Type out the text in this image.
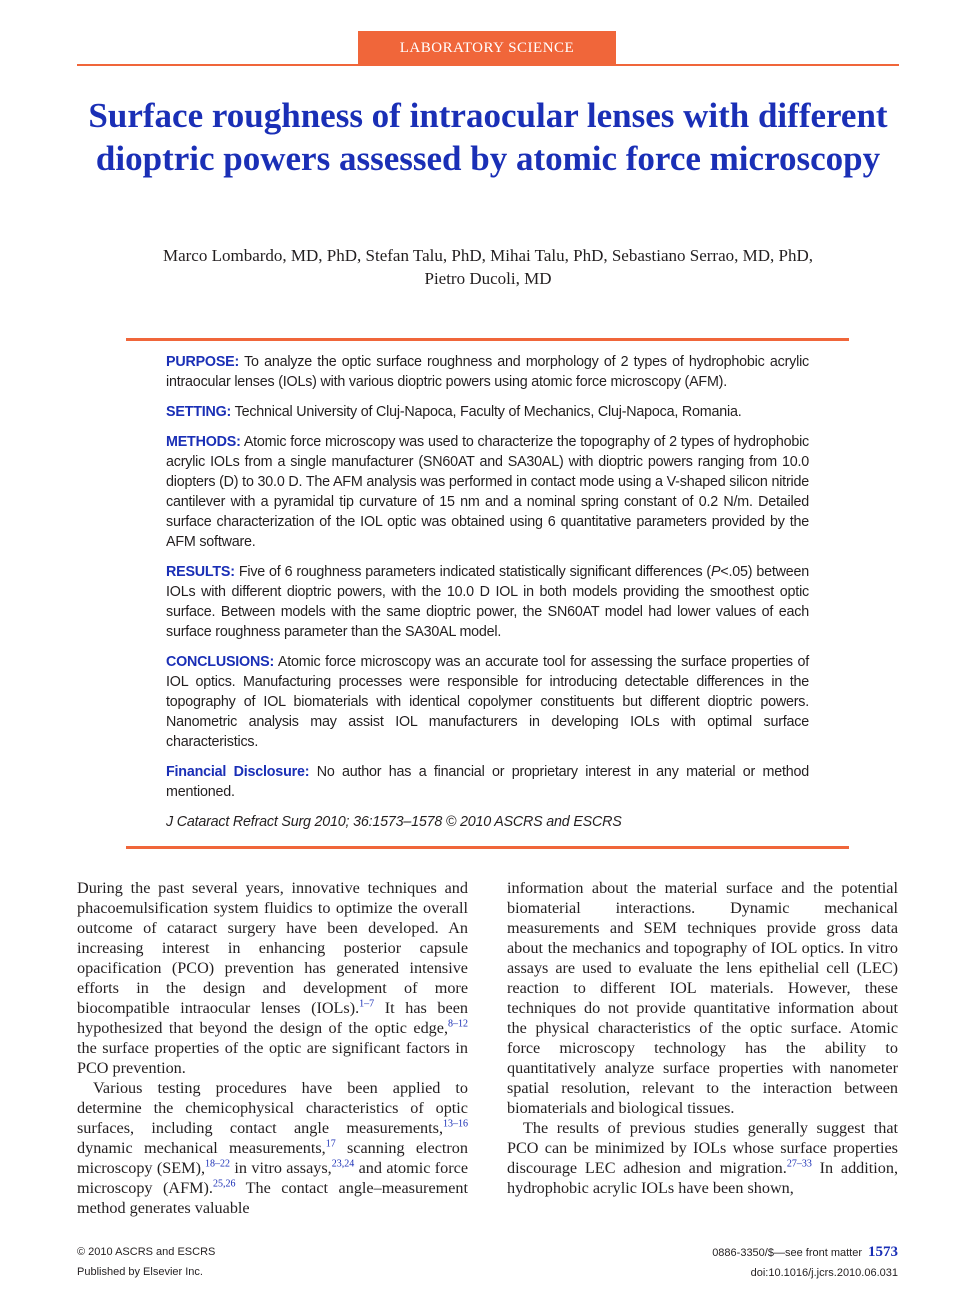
LABORATORY SCIENCE
Surface roughness of intraocular lenses with different dioptric powers assessed by atomic force microscopy
Marco Lombardo, MD, PhD, Stefan Talu, PhD, Mihai Talu, PhD, Sebastiano Serrao, MD, PhD,
Pietro Ducoli, MD

PURPOSE: To analyze the optic surface roughness and morphology of 2 types of hydrophobic acrylic intraocular lenses (IOLs) with various dioptric powers using atomic force microscopy (AFM).

SETTING: Technical University of Cluj-Napoca, Faculty of Mechanics, Cluj-Napoca, Romania.

METHODS: Atomic force microscopy was used to characterize the topography of 2 types of hydrophobic acrylic IOLs from a single manufacturer (SN60AT and SA30AL) with dioptric powers ranging from 10.0 diopters (D) to 30.0 D. The AFM analysis was performed in contact mode using a V-shaped silicon nitride cantilever with a pyramidal tip curvature of 15 nm and a nominal spring constant of 0.2 N/m. Detailed surface characterization of the IOL optic was obtained using 6 quantitative parameters provided by the AFM software.

RESULTS: Five of 6 roughness parameters indicated statistically significant differences (P<.05) between IOLs with different dioptric powers, with the 10.0 D IOL in both models providing the smoothest optic surface. Between models with the same dioptric power, the SN60AT model had lower values of each surface roughness parameter than the SA30AL model.

CONCLUSIONS: Atomic force microscopy was an accurate tool for assessing the surface properties of IOL optics. Manufacturing processes were responsible for introducing detectable differences in the topography of IOL biomaterials with identical copolymer constituents but different dioptric powers. Nanometric analysis may assist IOL manufacturers in developing IOLs with optimal surface characteristics.

Financial Disclosure: No author has a financial or proprietary interest in any material or method mentioned.

J Cataract Refract Surg 2010; 36:1573–1578 © 2010 ASCRS and ESCRS

During the past several years, innovative techniques and phacoemulsification system fluidics to optimize the overall outcome of cataract surgery have been developed. An increasing interest in enhancing posterior capsule opacification (PCO) prevention has generated intensive efforts in the design and development of more biocompatible intraocular lenses (IOLs).$^{1-7}$ It has been hypothesized that beyond the design of the optic edge,$^{8-12}$ the surface properties of the optic are significant factors in PCO prevention.

Various testing procedures have been applied to determine the chemicophysical characteristics of optic surfaces, including contact angle measurements,$^{13-16}$ dynamic mechanical measurements,$^{17}$ scanning electron microscopy (SEM),$^{18-22}$ in vitro assays,$^{23,24}$ and atomic force microscopy (AFM).$^{25,26}$ The contact angle–measurement method generates valuable

information about the material surface and the potential biomaterial interactions. Dynamic mechanical measurements and SEM techniques provide gross data about the mechanics and topography of IOL optics. In vitro assays are used to evaluate the lens epithelial cell (LEC) reaction to different IOL materials. However, these techniques do not provide quantitative information about the physical characteristics of the optic surface. Atomic force microscopy technology has the ability to quantitatively analyze surface properties with nanometer spatial resolution, relevant to the interaction between biomaterials and biological tissues.

The results of previous studies generally suggest that PCO can be minimized by IOLs whose surface properties discourage LEC adhesion and migration.$^{27-33}$ In addition, hydrophobic acrylic IOLs have been shown,

© 2010 ASCRS and ESCRS
Published by Elsevier Inc.
0886-3350/$—see front matter 1573
doi:10.1016/j.jcrs.2010.06.031
